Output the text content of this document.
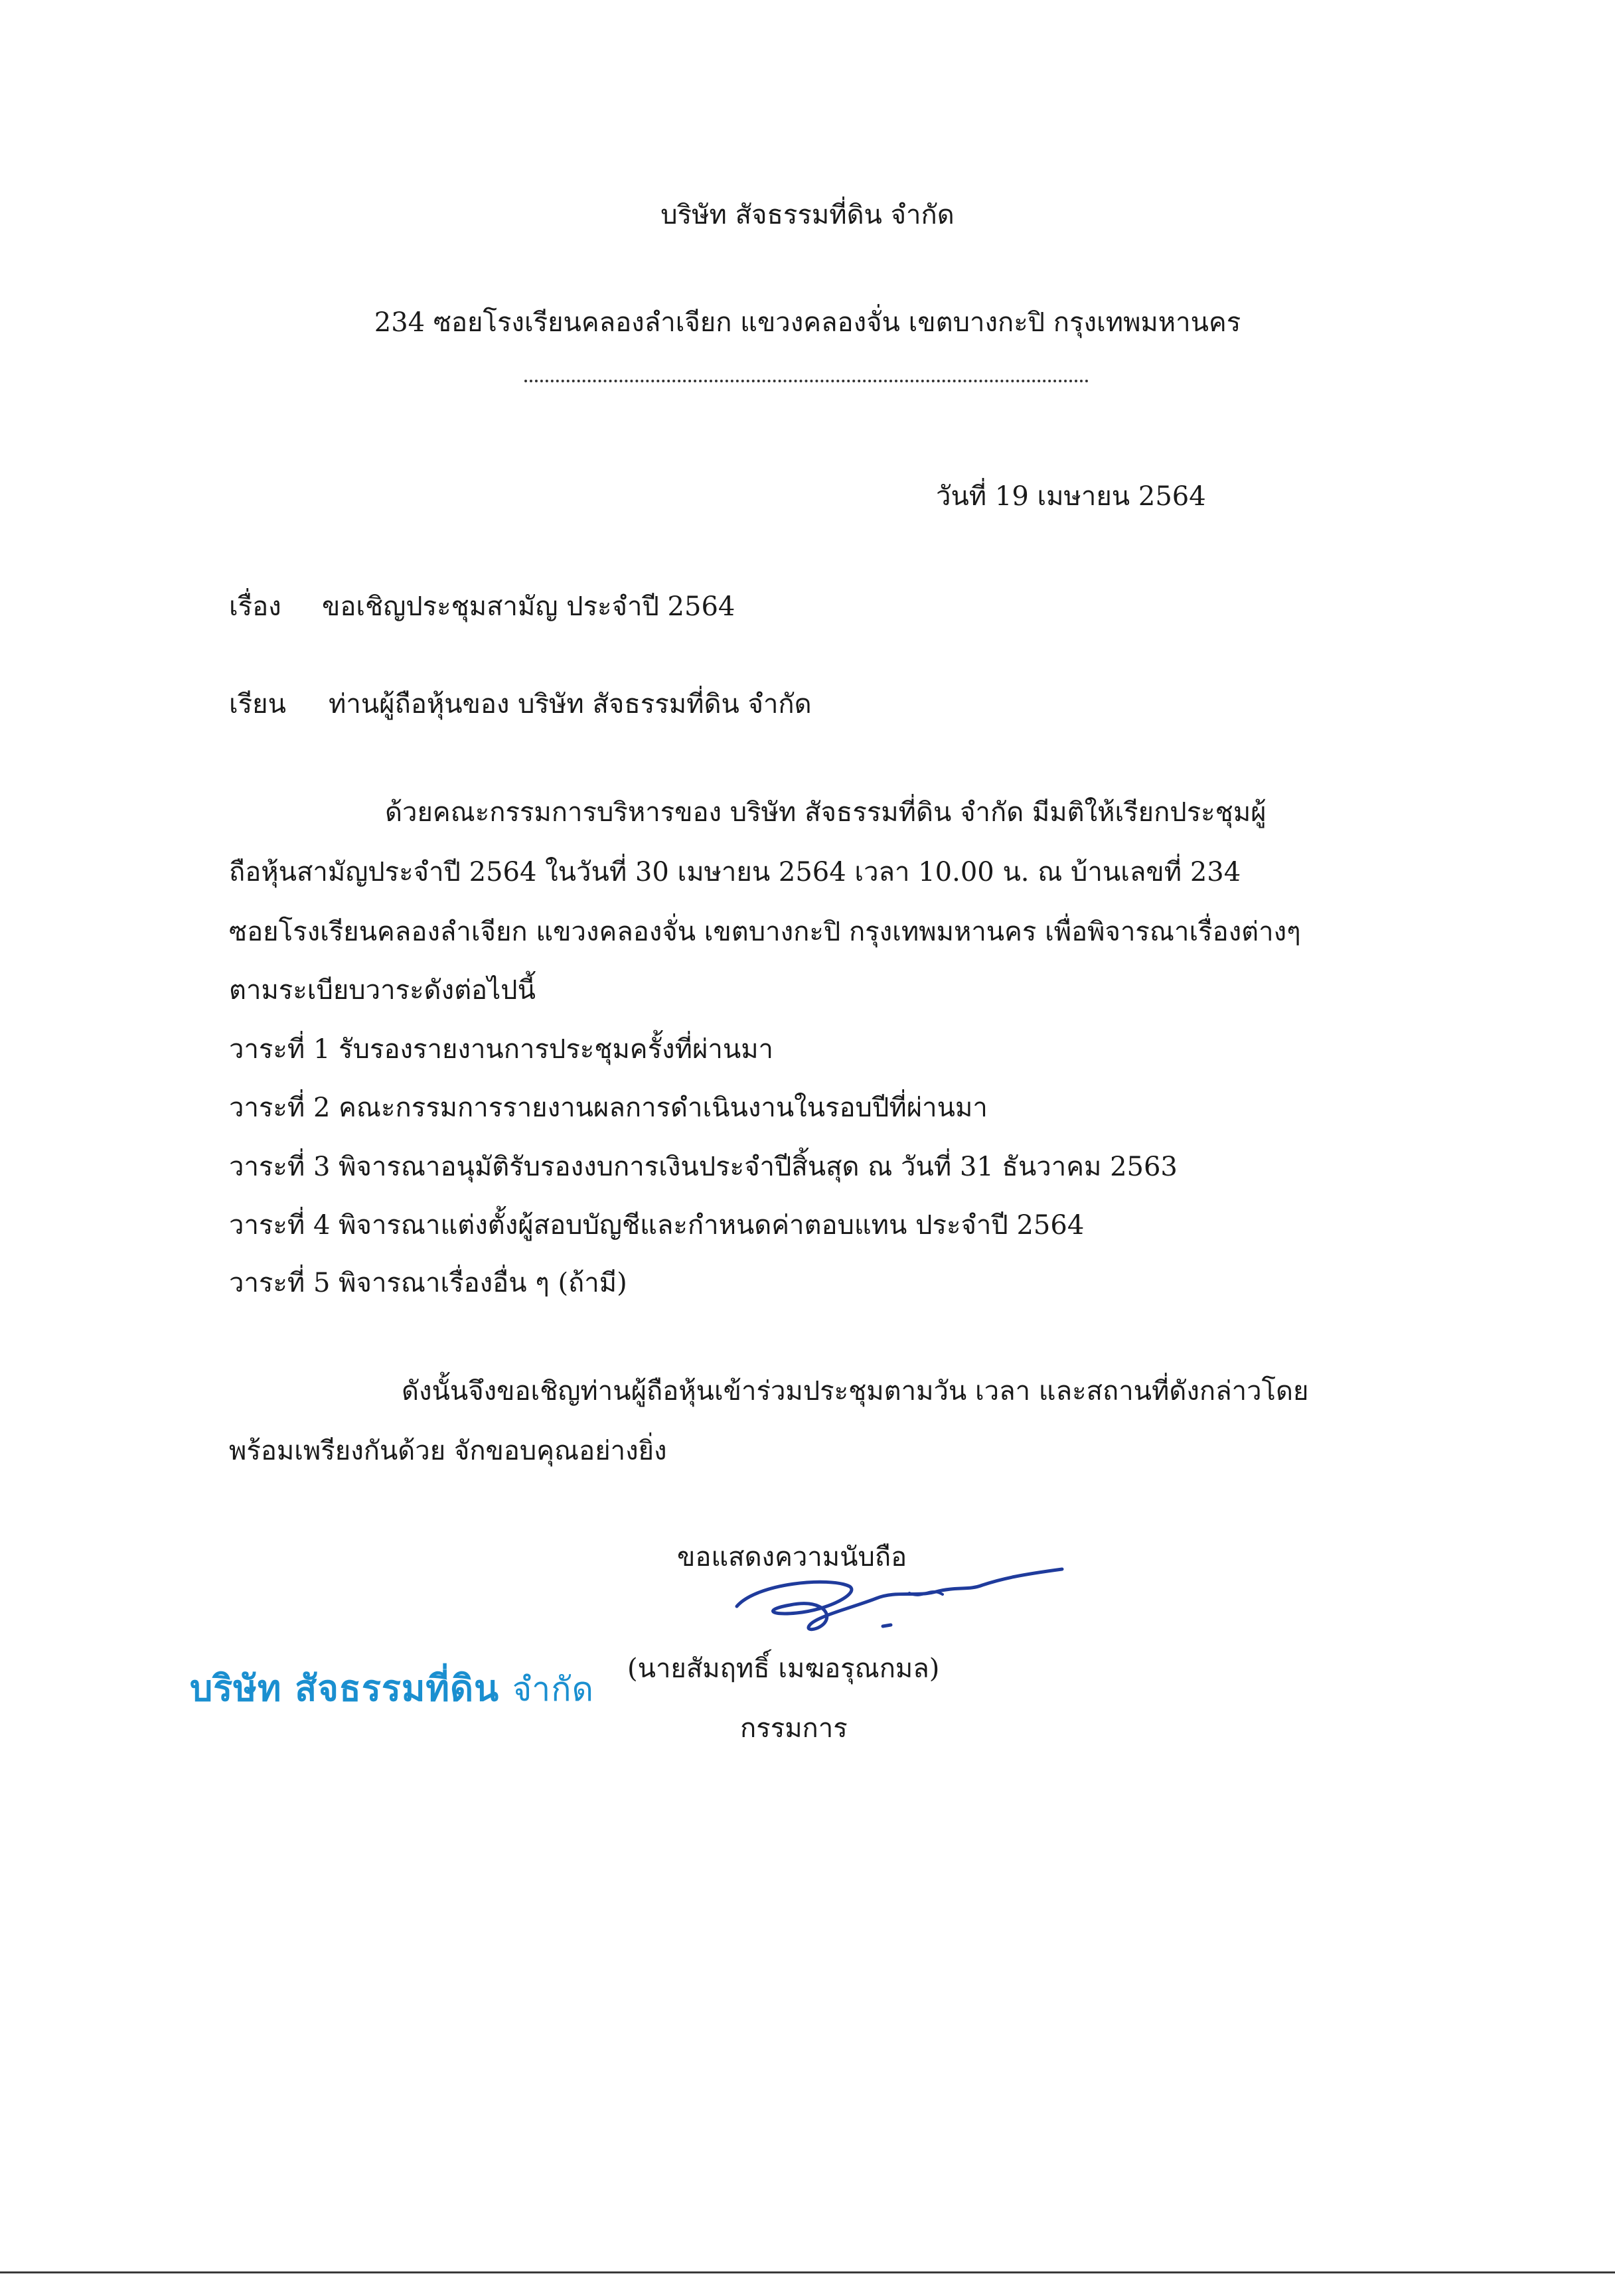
บริษัท สัจธรรมที่ดิน จำกัด
234 ซอยโรงเรียนคลองลำเจียก แขวงคลองจั่น เขตบางกะปิ กรุงเทพมหานคร
วันที่ 19 เมษายน 2564
เรื่อง ขอเชิญประชุมสามัญ ประจำปี 2564
เรียน ท่านผู้ถือหุ้นของ บริษัท สัจธรรมที่ดิน จำกัด
ด้วยคณะกรรมการบริหารของ บริษัท สัจธรรมที่ดิน จำกัด มีมติให้เรียกประชุมผู้
ถือหุ้นสามัญประจำปี 2564 ในวันที่ 30 เมษายน 2564 เวลา 10.00 น. ณ บ้านเลขที่ 234
ซอยโรงเรียนคลองลำเจียก แขวงคลองจั่น เขตบางกะปิ กรุงเทพมหานคร เพื่อพิจารณาเรื่องต่างๆ
ตามระเบียบวาระดังต่อไปนี้
วาระที่ 1 รับรองรายงานการประชุมครั้งที่ผ่านมา
วาระที่ 2 คณะกรรมการรายงานผลการดำเนินงานในรอบปีที่ผ่านมา
วาระที่ 3 พิจารณาอนุมัติรับรองงบการเงินประจำปีสิ้นสุด ณ วันที่ 31 ธันวาคม 2563
วาระที่ 4 พิจารณาแต่งตั้งผู้สอบบัญชีและกำหนดค่าตอบแทน ประจำปี 2564
วาระที่ 5 พิจารณาเรื่องอื่น ๆ (ถ้ามี)
ดังนั้นจึงขอเชิญท่านผู้ถือหุ้นเข้าร่วมประชุมตามวัน เวลา และสถานที่ดังกล่าวโดย
พร้อมเพรียงกันด้วย จักขอบคุณอย่างยิ่ง
ขอแสดงความนับถือ
บริษัท สัจธรรมที่ดิน จำกัด
(นายสัมฤทธิ์ เมฆอรุณกมล)
กรรมการ
